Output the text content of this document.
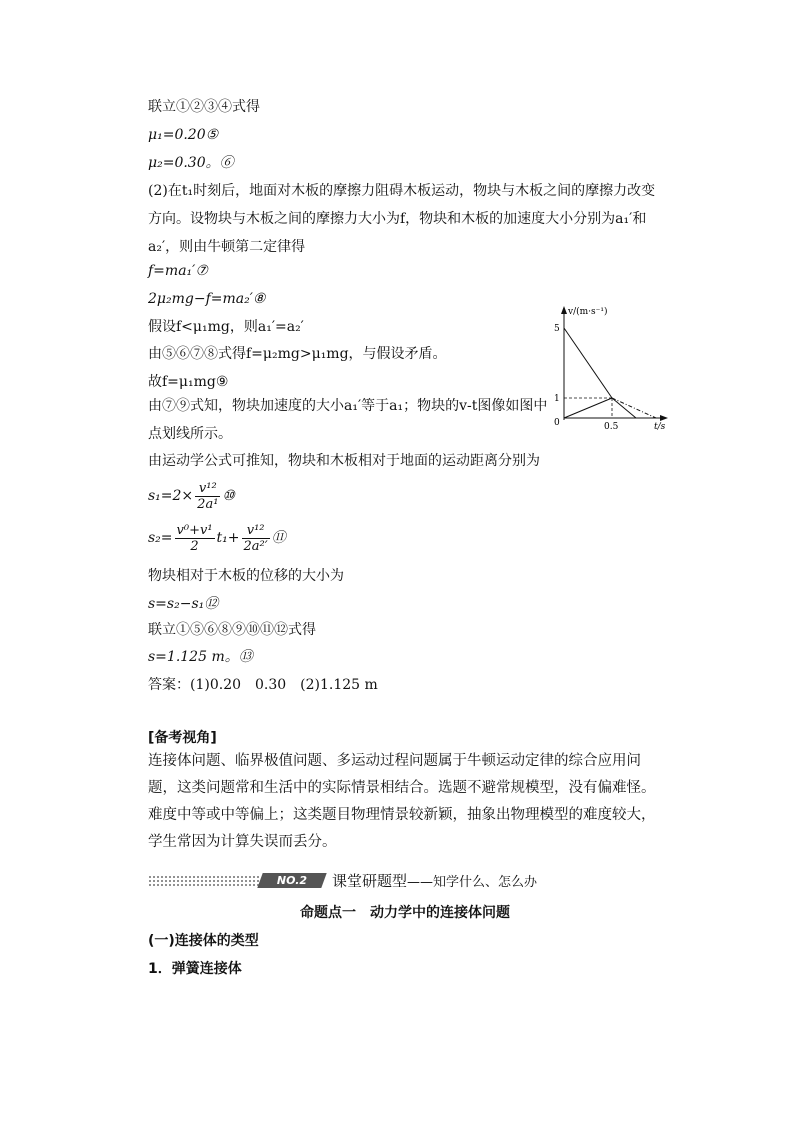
联立①②③④式得
μ₁=0.20⑤
μ₂=0.30。⑥
(2)在t₁时刻后，地面对木板的摩擦力阻碍木板运动，物块与木板之间的摩擦力改变方向。设物块与木板之间的摩擦力大小为f，物块和木板的加速度大小分别为a₁′和a₂′，则由牛顿第二定律得
f=ma₁′⑦
2μ₂mg−f=ma₂′⑧
假设f<μ₁mg，则a₁′=a₂′
由⑤⑥⑦⑧式得f=μ₂mg>μ₁mg，与假设矛盾。
故f=μ₁mg⑨
由⑦⑨式知，物块加速度的大小a₁′等于a₁；物块的v-t图像如图中点划线所示。
v/(m·s⁻¹)
5
1
0	0.5	t/s
由运动学公式可推知，物块和木板相对于地面的运动距离分别为
$s_1=2\times \frac{\text{v¹²}}{\text{2a¹}}$ ⑩
$s_2= \frac{\text{v⁰+v¹}}{2} t_1+ \frac{\text{v¹²}}{\text{2a²′}}$ ⑪
物块相对于木板的位移的大小为
s=s₂−s₁⑫
联立①⑤⑥⑧⑨⑩⑪⑫式得
s=1.125 m。⑬
答案：(1)0.20　0.30　(2)1.125 m
[备考视角]
连接体问题、临界极值问题、多运动过程问题属于牛顿运动定律的综合应用问题，这类问题常和生活中的实际情景相结合。选题不避常规模型，没有偏难怪。难度中等或中等偏上；这类题目物理情景较新颖，抽象出物理模型的难度较大，学生常因为计算失误而丢分。
NO.2	课堂研题型——知学什么、怎么办
命题点一　动力学中的连接体问题
(一)连接体的类型
1．弹簧连接体
